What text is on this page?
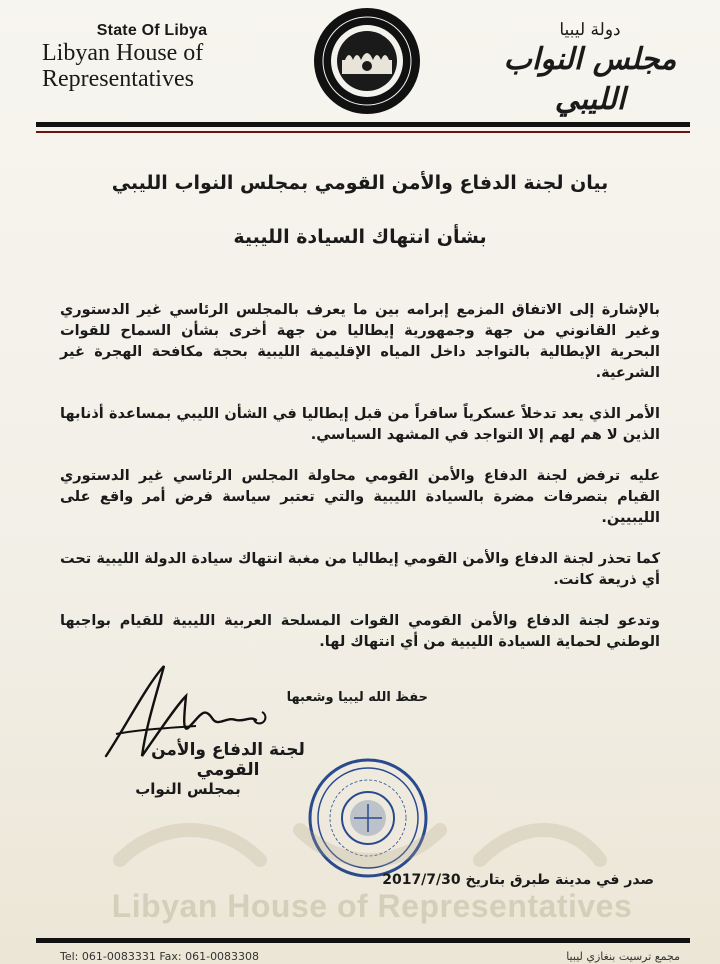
State Of Libya
Libyan House of
Representatives
دولة ليبيا
مجلس النواب الليبي
بيان لجنة الدفاع والأمن القومي بمجلس النواب الليبي
بشأن انتهاك السيادة الليبية

بالإشارة إلى الاتفاق المزمع إبرامه بين ما يعرف بالمجلس الرئاسي غير الدستوري وغير القانوني من جهة وجمهورية إيطاليا من جهة أخرى بشأن السماح للقوات البحرية الإيطالية بالتواجد داخل المياه الإقليمية الليبية بحجة مكافحة الهجرة غير الشرعية.

الأمر الذي يعد تدخلاً عسكرياً سافراً من قبل إيطاليا في الشأن الليبي بمساعدة أذنابها الذين لا هم لهم إلا التواجد في المشهد السياسي.

عليه ترفض لجنة الدفاع والأمن القومي محاولة المجلس الرئاسي غير الدستوري القيام بتصرفات مضرة بالسيادة الليبية والتي تعتبر سياسة فرض أمر واقع على الليبيين.

كما تحذر لجنة الدفاع والأمن القومي إيطاليا من مغبة انتهاك سيادة الدولة الليبية تحت أي ذريعة كانت.

وتدعو لجنة الدفاع والأمن القومي القوات المسلحة العربية الليبية للقيام بواجبها الوطني لحماية السيادة الليبية من أي انتهاك لها.

حفظ الله ليبيا وشعبها
لجنة الدفاع والأمن القومي
بمجلس النواب
صدر في مدينة طبرق بتاريخ 2017/7/30
Libyan House of Representatives
Tel: 061-0083331 Fax: 061-0083308	مجمع ترسيت بنغازي ليبيا
